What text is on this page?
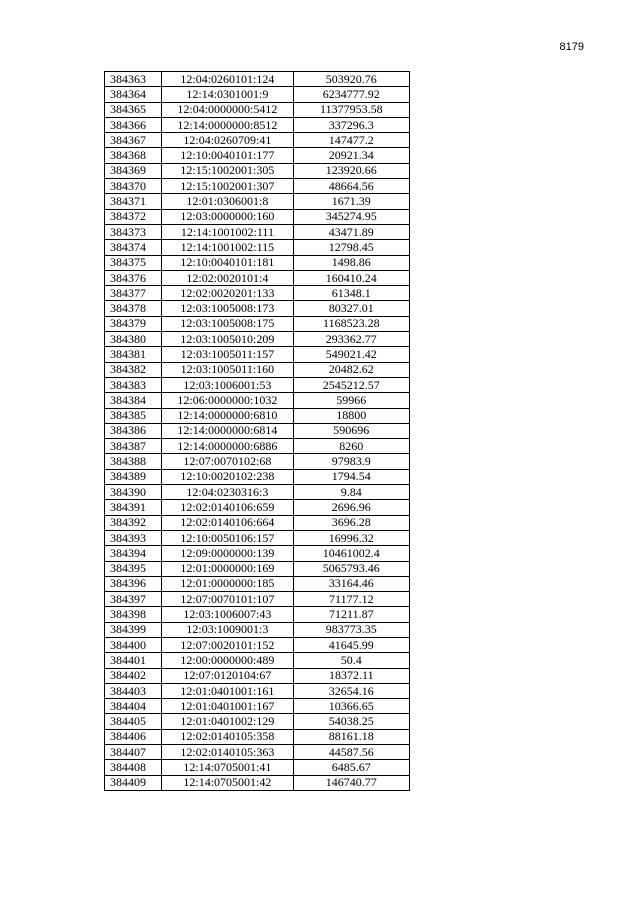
8179
384363	12:04:0260101:124	503920.76
384364	12:14:0301001:9	6234777.92
384365	12:04:0000000:5412	11377953.58
384366	12:14:0000000:8512	337296.3
384367	12:04:0260709:41	147477.2
384368	12:10:0040101:177	20921.34
384369	12:15:1002001:305	123920.66
384370	12:15:1002001:307	48664.56
384371	12:01:0306001:8	1671.39
384372	12:03:0000000:160	345274.95
384373	12:14:1001002:111	43471.89
384374	12:14:1001002:115	12798.45
384375	12:10:0040101:181	1498.86
384376	12:02:0020101:4	160410.24
384377	12:02:0020201:133	61348.1
384378	12:03:1005008:173	80327.01
384379	12:03:1005008:175	1168523.28
384380	12:03:1005010:209	293362.77
384381	12:03:1005011:157	549021.42
384382	12:03:1005011:160	20482.62
384383	12:03:1006001:53	2545212.57
384384	12:06:0000000:1032	59966
384385	12:14:0000000:6810	18800
384386	12:14:0000000:6814	590696
384387	12:14:0000000:6886	8260
384388	12:07:0070102:68	97983.9
384389	12:10:0020102:238	1794.54
384390	12:04:0230316:3	9.84
384391	12:02:0140106:659	2696.96
384392	12:02:0140106:664	3696.28
384393	12:10:0050106:157	16996.32
384394	12:09:0000000:139	10461002.4
384395	12:01:0000000:169	5065793.46
384396	12:01:0000000:185	33164.46
384397	12:07:0070101:107	71177.12
384398	12:03:1006007:43	71211.87
384399	12:03:1009001:3	983773.35
384400	12:07:0020101:152	41645.99
384401	12:00:0000000:489	50.4
384402	12:07:0120104:67	18372.11
384403	12:01:0401001:161	32654.16
384404	12:01:0401001:167	10366.65
384405	12:01:0401002:129	54038.25
384406	12:02:0140105:358	88161.18
384407	12:02:0140105:363	44587.56
384408	12:14:0705001:41	6485.67
384409	12:14:0705001:42	146740.77
